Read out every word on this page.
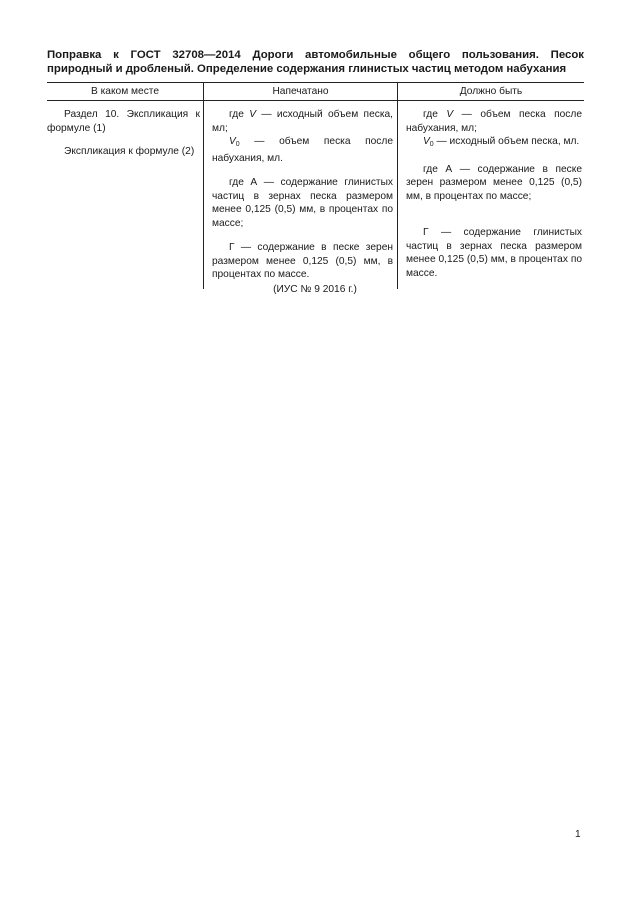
Поправка к ГОСТ 32708—2014 Дороги автомобильные общего пользования. Песок природный и дробленый. Определение содержания глинистых частиц методом набухания
В каком месте	Напечатано	Должно быть

Раздел 10. Экспликация к формуле (1)

Экспликация к формуле (2)

где V — исходный объем песка, мл;

$V_0$ — объем песка после набухания, мл.

где А — содержание глинистых частиц в зернах песка размером менее 0,125 (0,5) мм, в процентах по массе;

Г — содержание в песке зерен размером менее 0,125 (0,5) мм, в процентах по массе.

где V — объем песка после набухания, мл;

$V_0$ — исходный объем песка, мл.

где А — содержание в песке зерен размером менее 0,125 (0,5) мм, в процентах по массе;

Г — содержание глинистых частиц в зернах песка размером менее 0,125 (0,5) мм, в процентах по массе.

(ИУС № 9 2016 г.)
1
